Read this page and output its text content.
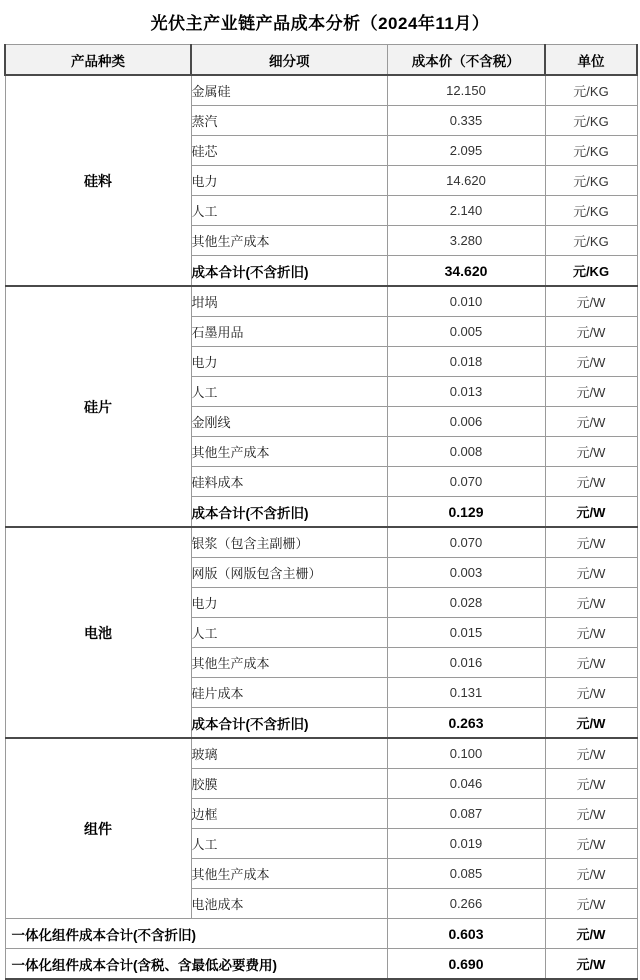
光伏主产业链产品成本分析（2024年11月）
产品种类	细分项	成本价（不含税）	单位
硅料	金属硅	12.150	元/KG
	蒸汽	0.335	元/KG
	硅芯	2.095	元/KG
	电力	14.620	元/KG
	人工	2.140	元/KG
	其他生产成本	3.280	元/KG
	成本合计(不含折旧)	34.620	元/KG
硅片	坩埚	0.010	元/W
	石墨用品	0.005	元/W
	电力	0.018	元/W
	人工	0.013	元/W
	金刚线	0.006	元/W
	其他生产成本	0.008	元/W
	硅料成本	0.070	元/W
	成本合计(不含折旧)	0.129	元/W
电池	银浆（包含主副栅）	0.070	元/W
	网版（网版包含主栅）	0.003	元/W
	电力	0.028	元/W
	人工	0.015	元/W
	其他生产成本	0.016	元/W
	硅片成本	0.131	元/W
	成本合计(不含折旧)	0.263	元/W
组件	玻璃	0.100	元/W
	胶膜	0.046	元/W
	边框	0.087	元/W
	人工	0.019	元/W
	其他生产成本	0.085	元/W
	电池成本	0.266	元/W
一体化组件成本合计(不含折旧)		0.603	元/W
一体化组件成本合计(含税、含最低必要费用)		0.690	元/W
